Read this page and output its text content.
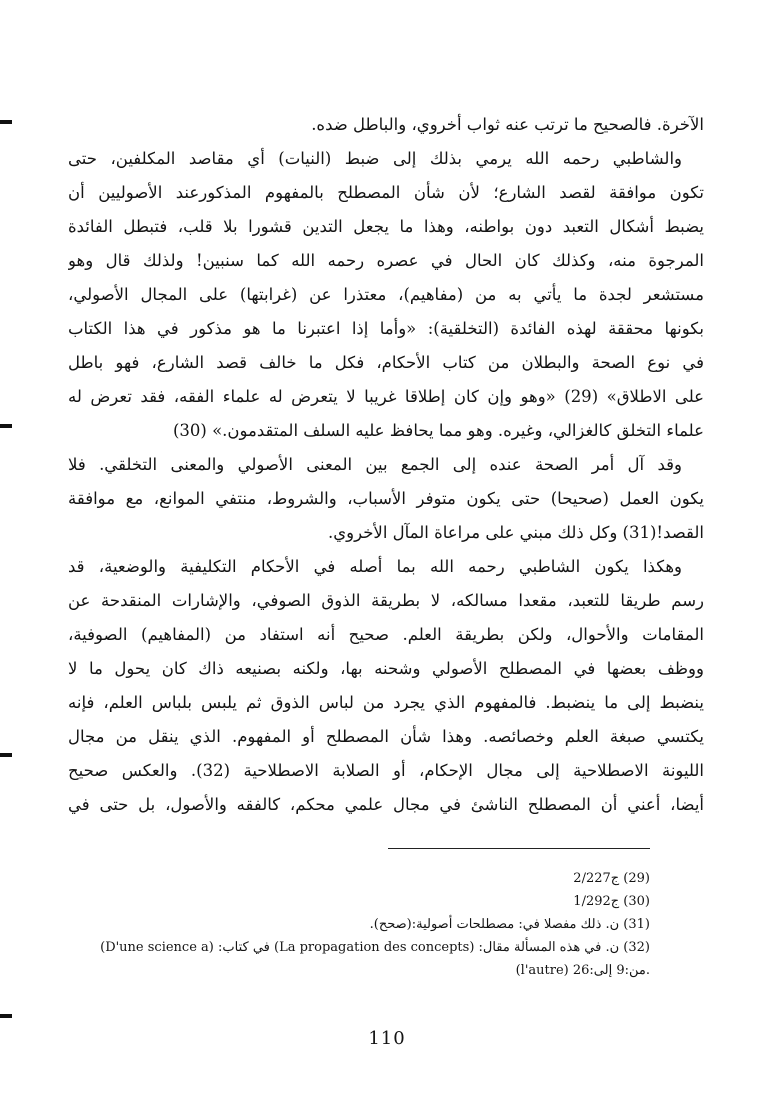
الآخرة. فالصحيح ما ترتب عنه ثواب أخروي، والباطل ضده.
والشاطبي رحمه الله يرمي بذلك إلى ضبط (النيات) أي مقاصد المكلفين، حتى
تكون موافقة لقصد الشارع؛ لأن شأن المصطلح بالمفهوم المذكورعند الأصوليين أن
يضبط أشكال التعبد دون بواطنه، وهذا ما يجعل التدين قشورا بلا قلب، فتبطل الفائدة
المرجوة منه، وكذلك كان الحال في عصره رحمه الله كما سنبين! ولذلك قال وهو
مستشعر لجدة ما يأتي به من (مفاهيم)، معتذرا عن (غرابتها) على المجال الأصولي،
بكونها محققة لهذه الفائدة (التخلقية): «وأما إذا اعتبرنا ما هو مذكور في هذا الكتاب
في نوع الصحة والبطلان من كتاب الأحكام، فكل ما خالف قصد الشارع، فهو باطل
على الاطلاق» (29) «وهو وإن كان إطلاقا غريبا لا يتعرض له علماء الفقه، فقد تعرض له
علماء التخلق كالغزالي، وغيره. وهو مما يحافظ عليه السلف المتقدمون.» (30)
وقد آل أمر الصحة عنده إلى الجمع بين المعنى الأصولي والمعنى التخلقي. فلا
يكون العمل (صحيحا) حتى يكون متوفر الأسباب، والشروط، منتفي الموانع، مع موافقة
القصد!(31) وكل ذلك مبني على مراعاة المآل الأخروي.
وهكذا يكون الشاطبي رحمه الله بما أصله في الأحكام التكليفية والوضعية، قد
رسم طريقا للتعبد، مقعدا مسالكه، لا بطريقة الذوق الصوفي، والإشارات المنقدحة عن
المقامات والأحوال، ولكن بطريقة العلم. صحيح أنه استفاد من (المفاهيم) الصوفية،
ووظف بعضها في المصطلح الأصولي وشحنه بها، ولكنه بصنيعه ذاك كان يحول ما لا
ينضبط إلى ما ينضبط. فالمفهوم الذي يجرد من لباس الذوق ثم يلبس بلباس العلم، فإنه
يكتسي صبغة العلم وخصائصه. وهذا شأن المصطلح أو المفهوم. الذي ينقل من مجال
الليونة الاصطلاحية إلى مجال الإحكام، أو الصلابة الاصطلاحية (32). والعكس صحيح
أيضا، أعني أن المصطلح الناشئ في مجال علمي محكم، كالفقه والأصول، بل حتى في
(29) ج2/227
(30) ج1/292
(31) ن. ذلك مفصلا في: مصطلحات أصولية:(صحح).
(32) ن. في هذه المسألة مقال: (La propagation des concepts) في كتاب: (D'une science a)
(l'autre) من:9 إلى:26.
110
